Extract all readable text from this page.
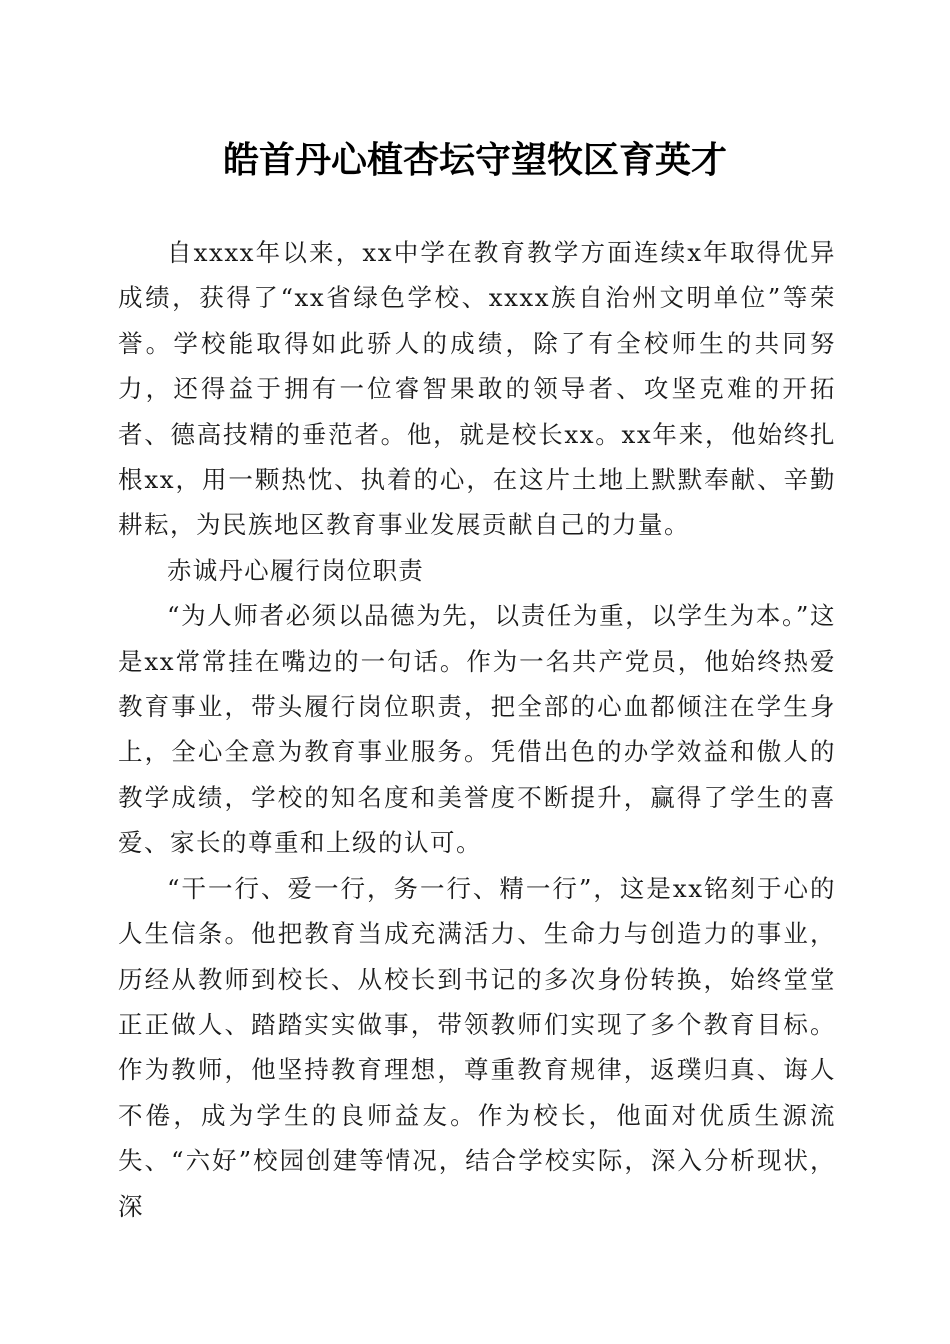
皓首丹心植杏坛守望牧区育英才

自xxxx年以来，xx中学在教育教学方面连续x年取得优异成绩，获得了“xx省绿色学校、xxxx族自治州文明单位”等荣誉。学校能取得如此骄人的成绩，除了有全校师生的共同努力，还得益于拥有一位睿智果敢的领导者、攻坚克难的开拓者、德高技精的垂范者。他，就是校长xx。xx年来，他始终扎根xx，用一颗热忱、执着的心，在这片土地上默默奉献、辛勤耕耘，为民族地区教育事业发展贡献自己的力量。

赤诚丹心履行岗位职责

“为人师者必须以品德为先，以责任为重，以学生为本。”这是xx常常挂在嘴边的一句话。作为一名共产党员，他始终热爱教育事业，带头履行岗位职责，把全部的心血都倾注在学生身上，全心全意为教育事业服务。凭借出色的办学效益和傲人的教学成绩，学校的知名度和美誉度不断提升，赢得了学生的喜爱、家长的尊重和上级的认可。

“干一行、爱一行，务一行、精一行”，这是xx铭刻于心的人生信条。他把教育当成充满活力、生命力与创造力的事业，历经从教师到校长、从校长到书记的多次身份转换，始终堂堂正正做人、踏踏实实做事，带领教师们实现了多个教育目标。作为教师，他坚持教育理想，尊重教育规律，返璞归真、诲人不倦，成为学生的良师益友。作为校长，他面对优质生源流失、“六好”校园创建等情况，结合学校实际，深入分析现状，深
